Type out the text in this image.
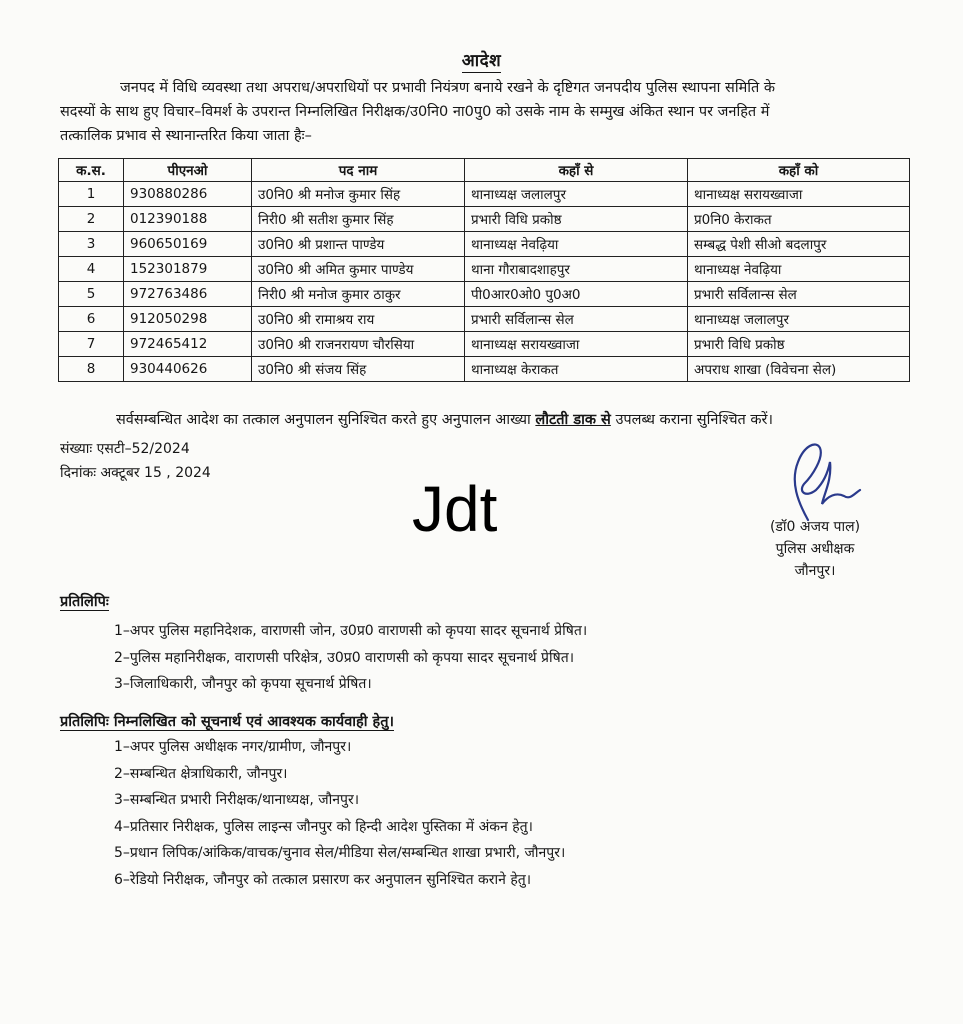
आदेश
जनपद में विधि व्यवस्था तथा अपराध/अपराधियों पर प्रभावी नियंत्रण बनाये रखने के दृष्टिगत जनपदीय पुलिस स्थापना समिति के
सदस्यों के साथ हुए विचार–विमर्श के उपरान्त निम्नलिखित निरीक्षक/उ0नि0 ना0पु0 को उसके नाम के सम्मुख अंकित स्थान पर जनहित में
तत्कालिक प्रभाव से स्थानान्तरित किया जाता हैः–
क.स.	पीएनओ	पद नाम	कहाँ से	कहाँ को
1	930880286	उ0नि0 श्री मनोज कुमार सिंह	थानाध्यक्ष जलालपुर	थानाध्यक्ष सरायख्वाजा
2	012390188	निरी0 श्री सतीश कुमार सिंह	प्रभारी विधि प्रकोष्ठ	प्र0नि0 केराकत
3	960650169	उ0नि0 श्री प्रशान्त पाण्डेय	थानाध्यक्ष नेवढ़िया	सम्बद्ध पेशी सीओ बदलापुर
4	152301879	उ0नि0 श्री अमित कुमार पाण्डेय	थाना गौराबादशाहपुर	थानाध्यक्ष नेवढ़िया
5	972763486	निरी0 श्री मनोज कुमार ठाकुर	पी0आर0ओ0 पु0अ0	प्रभारी सर्विलान्स सेल
6	912050298	उ0नि0 श्री रामाश्रय राय	प्रभारी सर्विलान्स सेल	थानाध्यक्ष जलालपुर
7	972465412	उ0नि0 श्री राजनरायण चौरसिया	थानाध्यक्ष सरायख्वाजा	प्रभारी विधि प्रकोष्ठ
8	930440626	उ0नि0 श्री संजय सिंह	थानाध्यक्ष केराकत	अपराध शाखा (विवेचना सेल)
सर्वसम्बन्धित आदेश का तत्काल अनुपालन सुनिश्चित करते हुए अनुपालन आख्या लौटती डाक से उपलब्ध कराना सुनिश्चित करें।
संख्याः एसटी–52/2024
दिनांकः अक्टूबर 15 , 2024	Jdt	(डॉ0 अजय पाल)
पुलिस अधीक्षक
जौनपुर।
प्रतिलिपिः
1–अपर पुलिस महानिदेशक, वाराणसी जोन, उ0प्र0 वाराणसी को कृपया सादर सूचनार्थ प्रेषित।
2–पुलिस महानिरीक्षक, वाराणसी परिक्षेत्र, उ0प्र0 वाराणसी को कृपया सादर सूचनार्थ प्रेषित।
3–जिलाधिकारी, जौनपुर को कृपया सूचनार्थ प्रेषित।
प्रतिलिपिः निम्नलिखित को सूचनार्थ एवं आवश्यक कार्यवाही हेतु।
1–अपर पुलिस अधीक्षक नगर/ग्रामीण, जौनपुर।
2–सम्बन्धित क्षेत्राधिकारी, जौनपुर।
3–सम्बन्धित प्रभारी निरीक्षक/थानाध्यक्ष, जौनपुर।
4–प्रतिसार निरीक्षक, पुलिस लाइन्स जौनपुर को हिन्दी आदेश पुस्तिका में अंकन हेतु।
5–प्रधान लिपिक/आंकिक/वाचक/चुनाव सेल/मीडिया सेल/सम्बन्धित शाखा प्रभारी, जौनपुर।
6–रेडियो निरीक्षक, जौनपुर को तत्काल प्रसारण कर अनुपालन सुनिश्चित कराने हेतु।
